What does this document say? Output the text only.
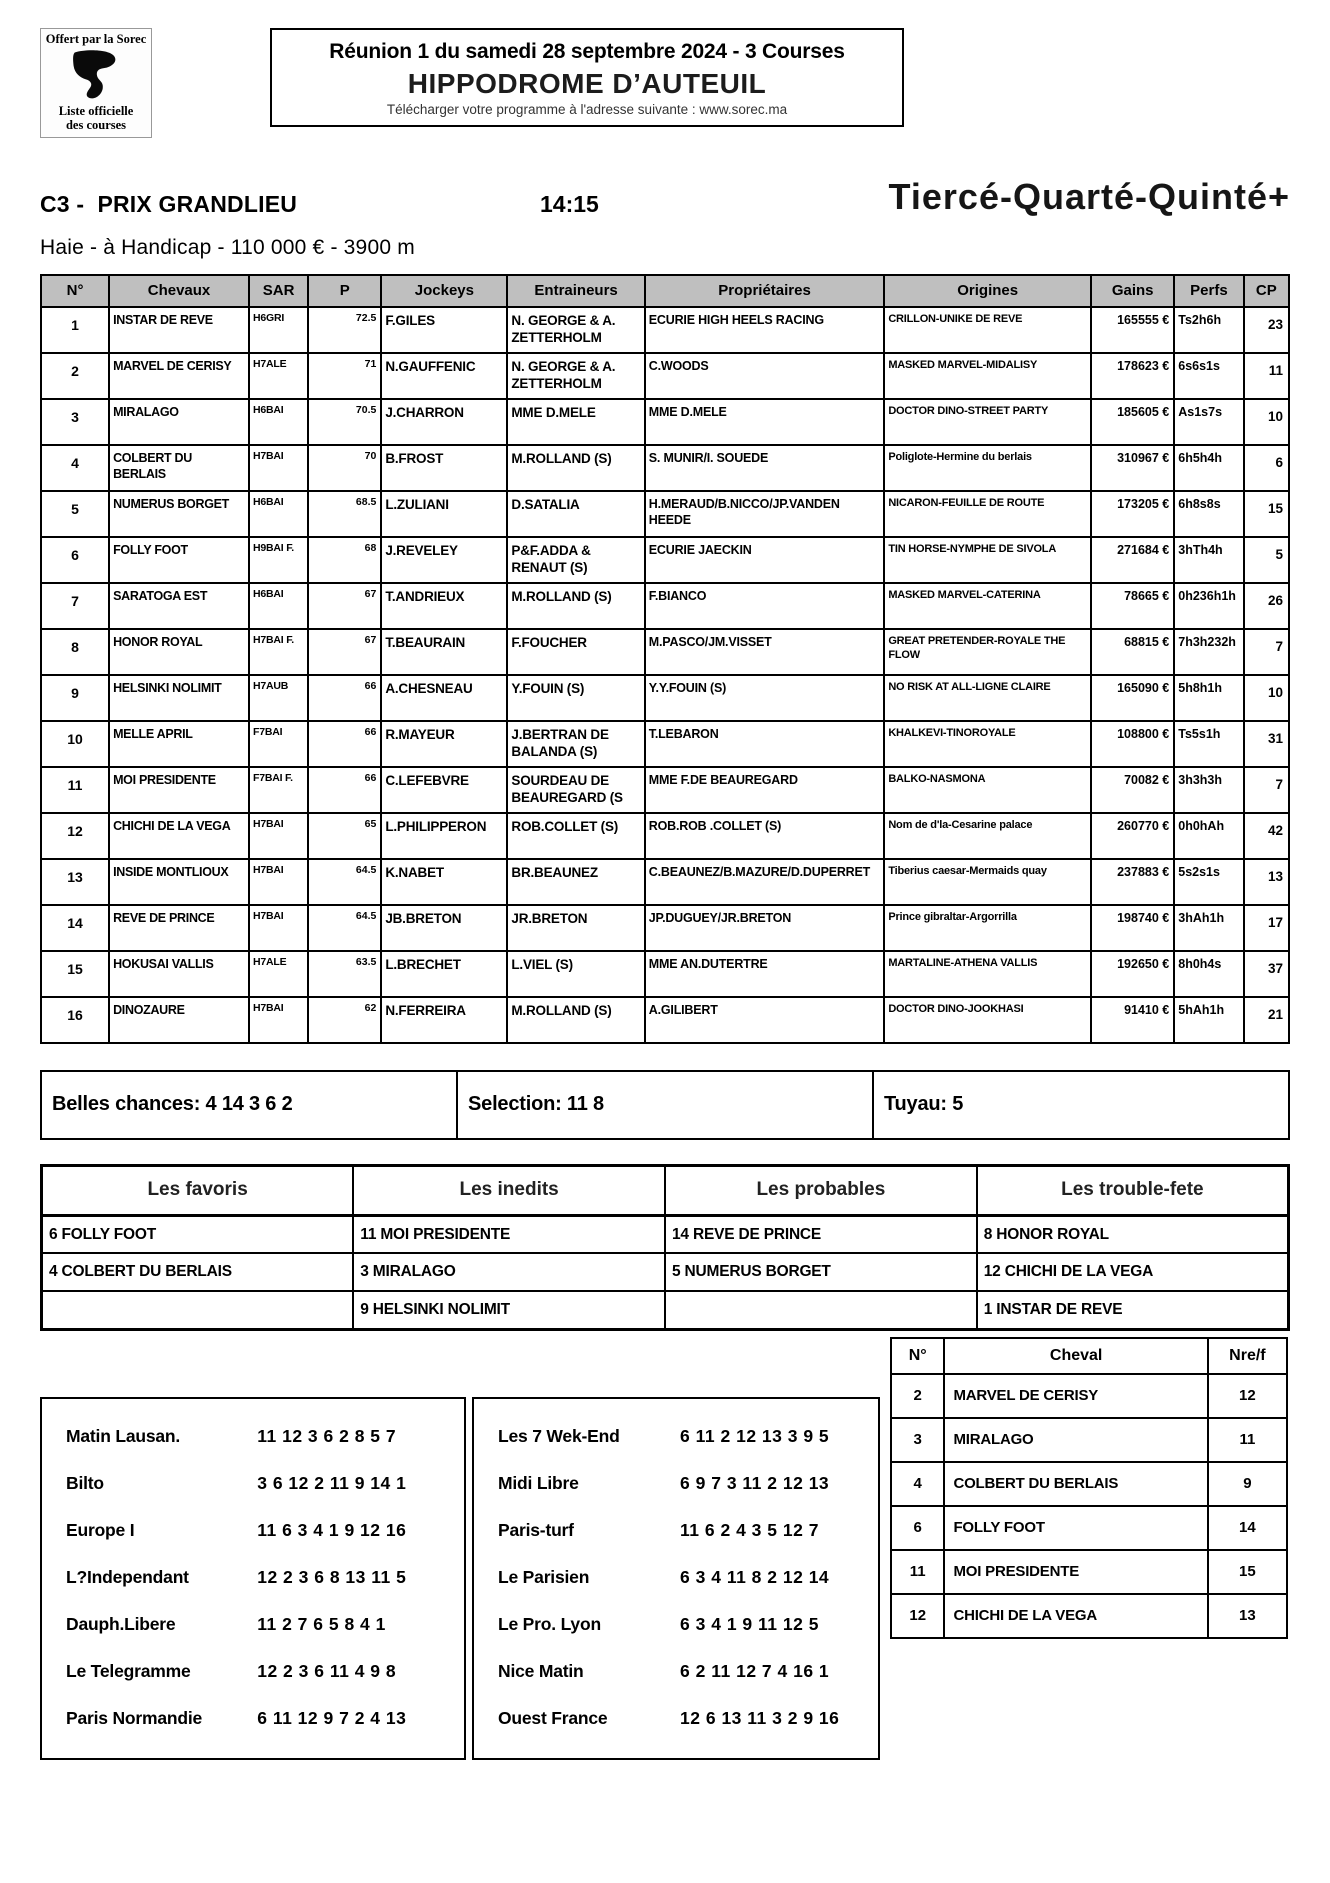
Offert par la Sorec
Liste officielle
des courses
Réunion 1 du samedi 28 septembre 2024 - 3 Courses
HIPPODROME D’AUTEUIL
Télécharger votre programme à l'adresse suivante : www.sorec.ma
C3 - PRIX GRANDLIEU	14:15	Tiercé-Quarté-Quinté+
Haie - à Handicap - 110 000 € - 3900 m
N°	Chevaux	SAR	P	Jockeys	Entraineurs	Propriétaires	Origines	Gains	Perfs	CP
1	INSTAR DE REVE	H6GRI	72.5	F.GILES	N. GEORGE & A. ZETTERHOLM	ECURIE HIGH HEELS RACING	CRILLON-UNIKE DE REVE	165555 €	Ts2h6h	23
2	MARVEL DE CERISY	H7ALE	71	N.GAUFFENIC	N. GEORGE & A. ZETTERHOLM	C.WOODS	MASKED MARVEL-MIDALISY	178623 €	6s6s1s	11
3	MIRALAGO	H6BAI	70.5	J.CHARRON	MME D.MELE	MME D.MELE	DOCTOR DINO-STREET PARTY	185605 €	As1s7s	10
4	COLBERT DU BERLAIS	H7BAI	70	B.FROST	M.ROLLAND (S)	S. MUNIR/I. SOUEDE	Poliglote-Hermine du berlais	310967 €	6h5h4h	6
5	NUMERUS BORGET	H6BAI	68.5	L.ZULIANI	D.SATALIA	H.MERAUD/B.NICCO/JP.VANDEN HEEDE	NICARON-FEUILLE DE ROUTE	173205 €	6h8s8s	15
6	FOLLY FOOT	H9BAI F.	68	J.REVELEY	P&F.ADDA & RENAUT (S)	ECURIE JAECKIN	TIN HORSE-NYMPHE DE SIVOLA	271684 €	3hTh4h	5
7	SARATOGA EST	H6BAI	67	T.ANDRIEUX	M.ROLLAND (S)	F.BIANCO	MASKED MARVEL-CATERINA	78665 €	0h236h1h	26
8	HONOR ROYAL	H7BAI F.	67	T.BEAURAIN	F.FOUCHER	M.PASCO/JM.VISSET	GREAT PRETENDER-ROYALE THE FLOW	68815 €	7h3h232h	7
9	HELSINKI NOLIMIT	H7AUB	66	A.CHESNEAU	Y.FOUIN (S)	Y.Y.FOUIN (S)	NO RISK AT ALL-LIGNE CLAIRE	165090 €	5h8h1h	10
10	MELLE APRIL	F7BAI	66	R.MAYEUR	J.BERTRAN DE BALANDA (S)	T.LEBARON	KHALKEVI-TINOROYALE	108800 €	Ts5s1h	31
11	MOI PRESIDENTE	F7BAI F.	66	C.LEFEBVRE	SOURDEAU DE BEAUREGARD (S	MME F.DE BEAUREGARD	BALKO-NASMONA	70082 €	3h3h3h	7
12	CHICHI DE LA VEGA	H7BAI	65	L.PHILIPPERON	ROB.COLLET (S)	ROB.ROB .COLLET (S)	Nom de d'la-Cesarine palace	260770 €	0h0hAh	42
13	INSIDE MONTLIOUX	H7BAI	64.5	K.NABET	BR.BEAUNEZ	C.BEAUNEZ/B.MAZURE/D.DUPERRET	Tiberius caesar-Mermaids quay	237883 €	5s2s1s	13
14	REVE DE PRINCE	H7BAI	64.5	JB.BRETON	JR.BRETON	JP.DUGUEY/JR.BRETON	Prince gibraltar-Argorrilla	198740 €	3hAh1h	17
15	HOKUSAI VALLIS	H7ALE	63.5	L.BRECHET	L.VIEL (S)	MME AN.DUTERTRE	MARTALINE-ATHENA VALLIS	192650 €	8h0h4s	37
16	DINOZAURE	H7BAI	62	N.FERREIRA	M.ROLLAND (S)	A.GILIBERT	DOCTOR DINO-JOOKHASI	91410 €	5hAh1h	21
Belles chances: 4 14 3 6 2	Selection: 11 8	Tuyau: 5
Les favoris	Les inedits	Les probables	Les trouble-fete
6 FOLLY FOOT	11 MOI PRESIDENTE	14 REVE DE PRINCE	8 HONOR ROYAL
4 COLBERT DU BERLAIS	3 MIRALAGO	5 NUMERUS BORGET	12 CHICHI DE LA VEGA
	9 HELSINKI NOLIMIT		1 INSTAR DE REVE
Matin Lausan.	11 12 3 6 2 8 5 7
Bilto	3 6 12 2 11 9 14 1
Europe I	11 6 3 4 1 9 12 16
L?Independant	12 2 3 6 8 13 11 5
Dauph.Libere	11 2 7 6 5 8 4 1
Le Telegramme	12 2 3 6 11 4 9 8
Paris Normandie	6 11 12 9 7 2 4 13
Les 7 Wek-End	6 11 2 12 13 3 9 5
Midi Libre	6 9 7 3 11 2 12 13
Paris-turf	11 6 2 4 3 5 12 7
Le Parisien	6 3 4 11 8 2 12 14
Le Pro. Lyon	6 3 4 1 9 11 12 5
Nice Matin	6 2 11 12 7 4 16 1
Ouest France	12 6 13 11 3 2 9 16
N°	Cheval	Nre/f
2	MARVEL DE CERISY	12
3	MIRALAGO	11
4	COLBERT DU BERLAIS	9
6	FOLLY FOOT	14
11	MOI PRESIDENTE	15
12	CHICHI DE LA VEGA	13
